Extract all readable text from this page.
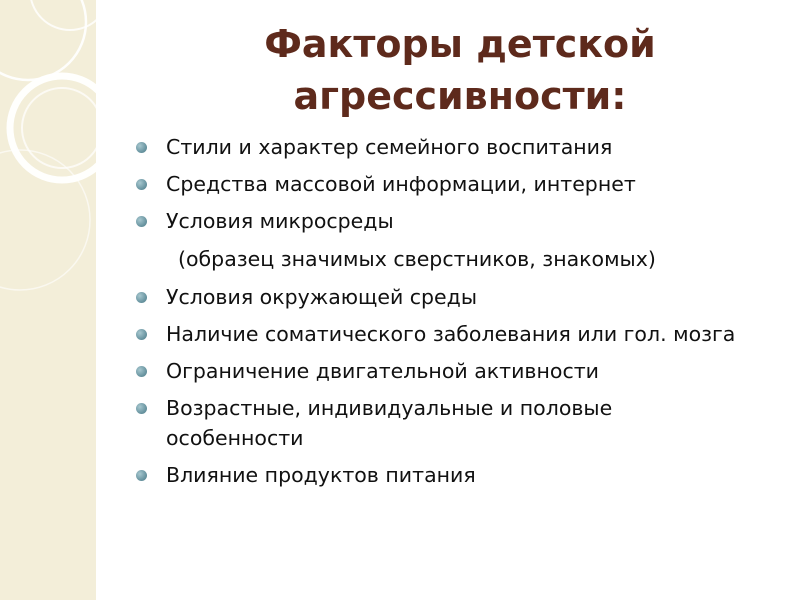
Факторы детской
агрессивности:
Стили и характер семейного воспитания
Средства массовой информации, интернет
Условия микросреды
(образец значимых сверстников, знакомых)
Условия окружающей среды
Наличие соматического заболевания или гол. мозга
Ограничение двигательной активности
Возрастные, индивидуальные и половые особенности
Влияние продуктов питания
